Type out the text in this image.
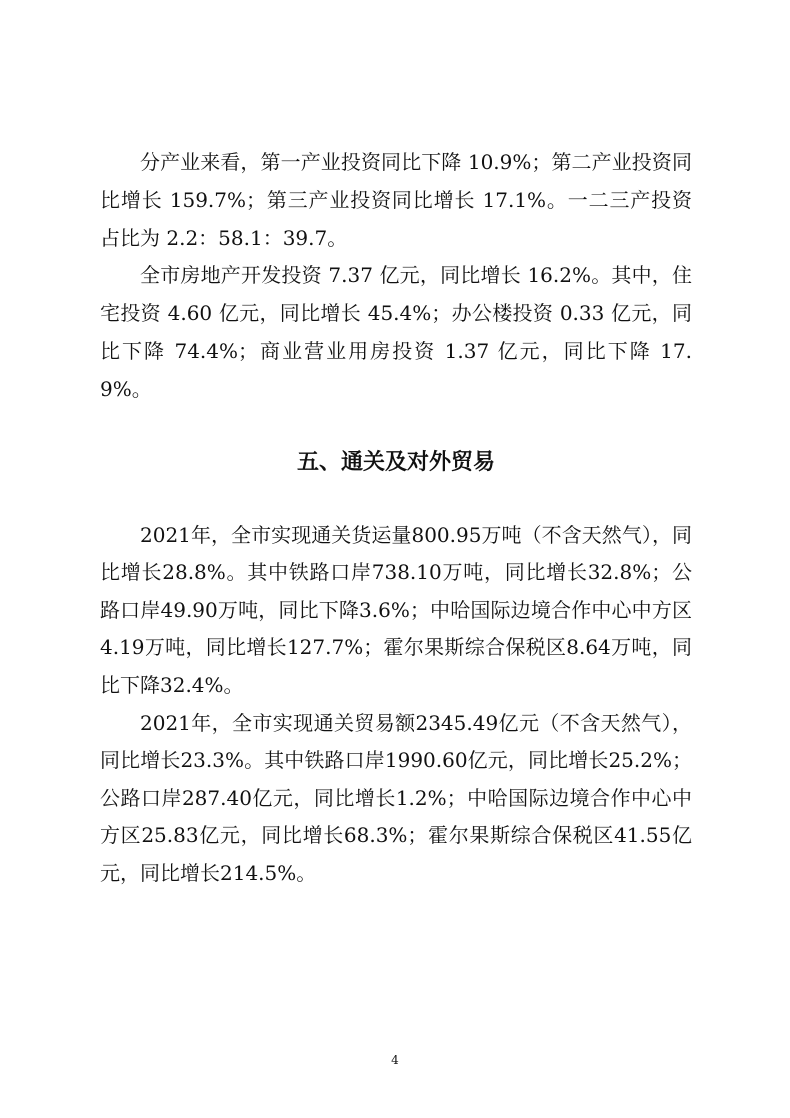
分产业来看，第一产业投资同比下降 10.9%；第二产业投资同比增长 159.7%；第三产业投资同比增长 17.1%。一二三产投资占比为 2.2：58.1：39.7。

全市房地产开发投资 7.37 亿元，同比增长 16.2%。其中，住宅投资 4.60 亿元，同比增长 45.4%；办公楼投资 0.33 亿元，同比下降 74.4%；商业营业用房投资 1.37 亿元，同比下降 17.9%。

五、通关及对外贸易

2021年，全市实现通关货运量800.95万吨（不含天然气），同比增长28.8%。其中铁路口岸738.10万吨，同比增长32.8%；公路口岸49.90万吨，同比下降3.6%；中哈国际边境合作中心中方区4.19万吨，同比增长127.7%；霍尔果斯综合保税区8.64万吨，同比下降32.4%。

2021年，全市实现通关贸易额2345.49亿元（不含天然气），同比增长23.3%。其中铁路口岸1990.60亿元，同比增长25.2%；公路口岸287.40亿元，同比增长1.2%；中哈国际边境合作中心中方区25.83亿元，同比增长68.3%；霍尔果斯综合保税区41.55亿元，同比增长214.5%。

4
